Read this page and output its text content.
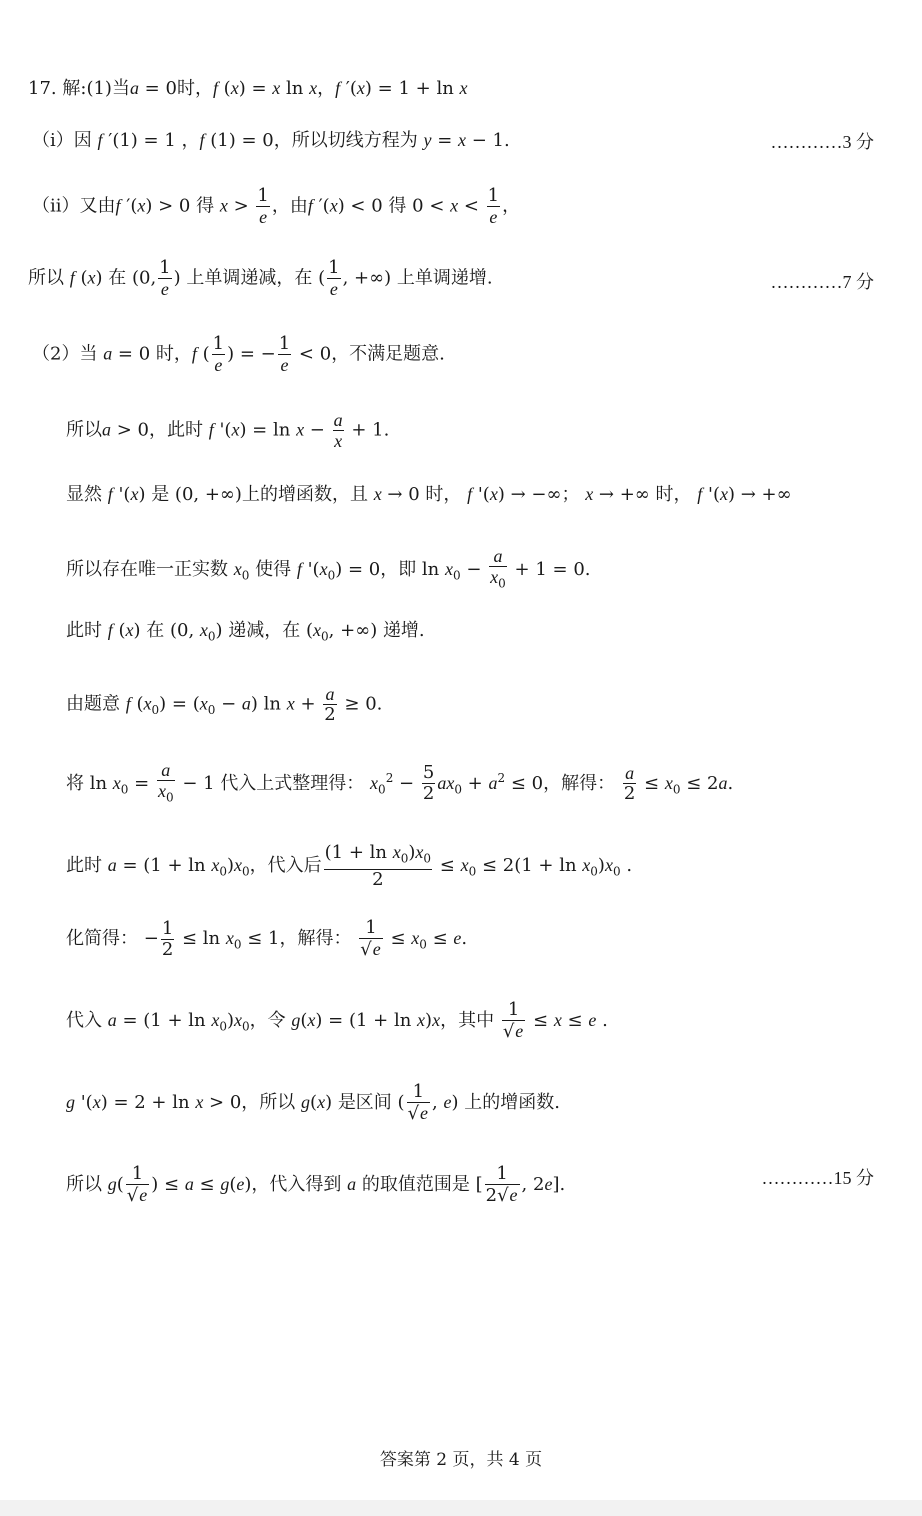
17. 解:(1)当a = 0时，f (x) = x ln x，f ′(x) = 1 + ln x
（i）因 f ′(1) = 1 ，f (1) = 0，所以切线方程为 y = x − 1.	…………3 分
（ii）又由f ′(x) > 0 得 $x > \frac{1}{e}$ ，由f ′(x) < 0 得 $0 < x < \frac{1}{e}$ ，
所以 f (x) 在 (0, $\frac{1}{e}$ ) 上单调递减，在 ( $\frac{1}{e}$ , +∞) 上单调递增.	…………7 分
（2）当 a = 0 时，f ( $\frac{1}{e}$ ) = − $\frac{1}{e} < 0$，不满足题意.
所以a > 0，此时 f '$(x) = \ln x - \frac{a}{x} + 1$.
显然 f '(x) 是 (0, +∞)上的增函数，且 x → 0 时， f '(x) → −∞； x → +∞ 时， f '(x) → +∞
所以存在唯一正实数 $x_0$ 使得 f '$(x_0) = 0$，即 $\ln x_0 - \frac{a}{x_0} + 1 = 0$.
此时 f (x) 在 (0, $x_0$) 递减，在 ($x_0$, +∞) 递增.
由题意 f $(x_0) = (x_0 - a)$ $\ln x + \frac{a}{2} \ge 0$.
将 $\ln x_0 = \frac{a}{x_0} - 1$ 代入上式整理得： $x_0^2 - \frac{5}{2} ax_0 + a^2 \le 0$，解得： $\frac{a}{2} \le x_0 \le 2a$.
此时 $a = (1 + \ln x_0)x_0$，代入后 $\frac{(1 + \ln x_0)x_0}{2} \le x_0 \le 2(1 + \ln x_0)x_0$ .
化简得： − $\frac{1}{2} \le \ln x_0 \le 1$，解得： $\frac{1}{√e} \le x_0 \le e$.
代入 $a = (1 + \ln x_0)x_0$，令 g(x) = (1 + ln x)x，其中 $\frac{1}{√e} \le x \le e$ .
g '(x) = 2 + ln x > 0，所以 g(x) 是区间 ( $\frac{1}{√e}$ , e) 上的增函数.
所以 $g( \frac{1}{√e}$ ) ≤ a ≤ g(e)，代入得到 a 的取值范围是 [ $\frac{1}{2√e}$ , 2e].	…………15 分
答案第 2 页，共 4 页
